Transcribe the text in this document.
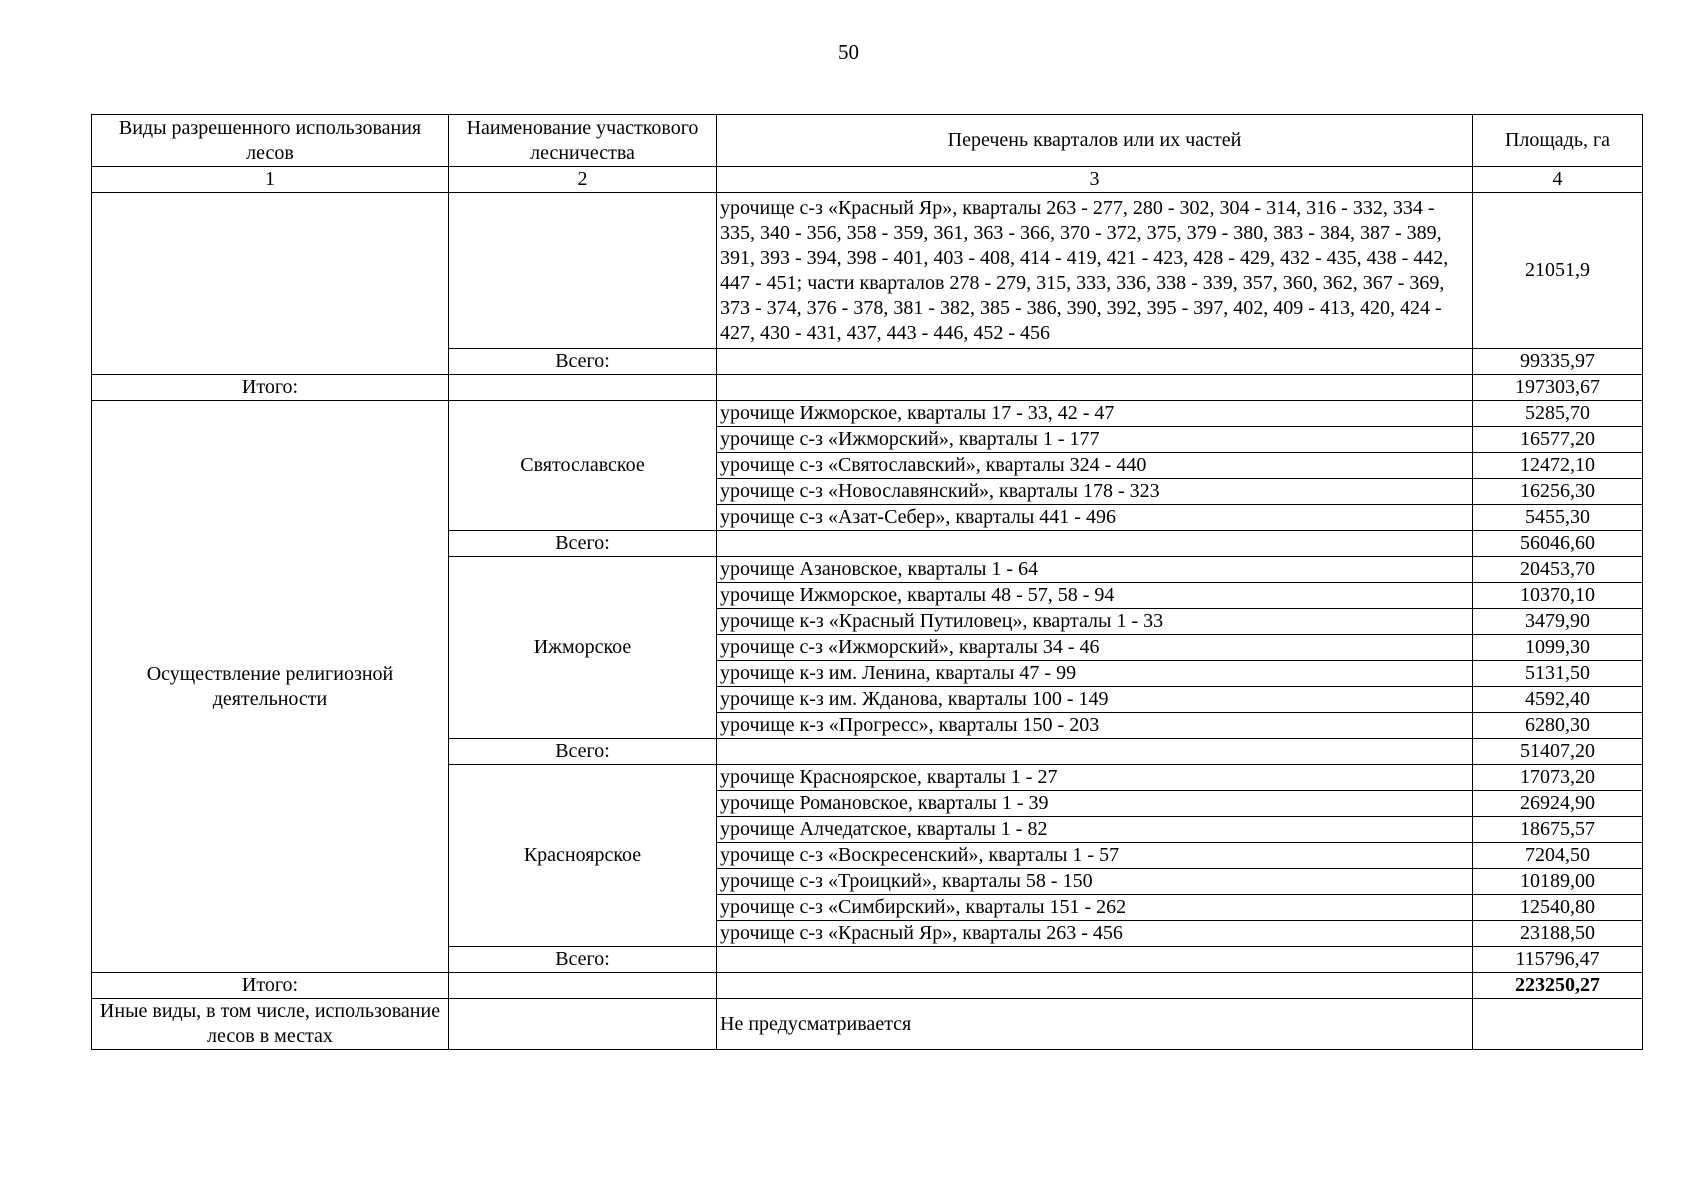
50
Виды разрешенного использования лесов	Наименование участкового лесничества	Перечень кварталов или их частей	Площадь, га
1	2	3	4
		урочище с-з «Красный Яр», кварталы 263 - 277, 280 - 302, 304 - 314, 316 - 332, 334 - 335, 340 - 356, 358 - 359, 361, 363 - 366, 370 - 372, 375, 379 - 380, 383 - 384, 387 - 389, 391, 393 - 394, 398 - 401, 403 - 408, 414 - 419, 421 - 423, 428 - 429, 432 - 435, 438 - 442, 447 - 451; части кварталов 278 - 279, 315, 333, 336, 338 - 339, 357, 360, 362, 367 - 369, 373 - 374, 376 - 378, 381 - 382, 385 - 386, 390, 392, 395 - 397, 402, 409 - 413, 420, 424 - 427, 430 - 431, 437, 443 - 446, 452 - 456	21051,9
	Всего:		99335,97
Итого:			197303,67
Осуществление религиозной деятельности	Святославское	урочище Ижморское, кварталы 17 - 33, 42 - 47	5285,70
		урочище с-з «Ижморский», кварталы 1 - 177	16577,20
		урочище с-з «Святославский», кварталы 324 - 440	12472,10
		урочище с-з «Новославянский», кварталы 178 - 323	16256,30
		урочище с-з «Азат-Себер», кварталы 441 - 496	5455,30
	Всего:		56046,60
	Ижморское	урочище Азановское, кварталы 1 - 64	20453,70
		урочище Ижморское, кварталы 48 - 57, 58 - 94	10370,10
		урочище к-з «Красный Путиловец», кварталы 1 - 33	3479,90
		урочище с-з «Ижморский», кварталы 34 - 46	1099,30
		урочище к-з им. Ленина, кварталы 47 - 99	5131,50
		урочище к-з им. Жданова, кварталы 100 - 149	4592,40
		урочище к-з «Прогресс», кварталы 150 - 203	6280,30
	Всего:		51407,20
	Красноярское	урочище Красноярское, кварталы 1 - 27	17073,20
		урочище Романовское, кварталы 1 - 39	26924,90
		урочище Алчедатское, кварталы 1 - 82	18675,57
		урочище с-з «Воскресенский», кварталы 1 - 57	7204,50
		урочище с-з «Троицкий», кварталы 58 - 150	10189,00
		урочище с-з «Симбирский», кварталы 151 - 262	12540,80
		урочище с-з «Красный Яр», кварталы 263 - 456	23188,50
	Всего:		115796,47
Итого:			223250,27
Иные виды, в том числе, использование лесов в местах		Не предусматривается	
